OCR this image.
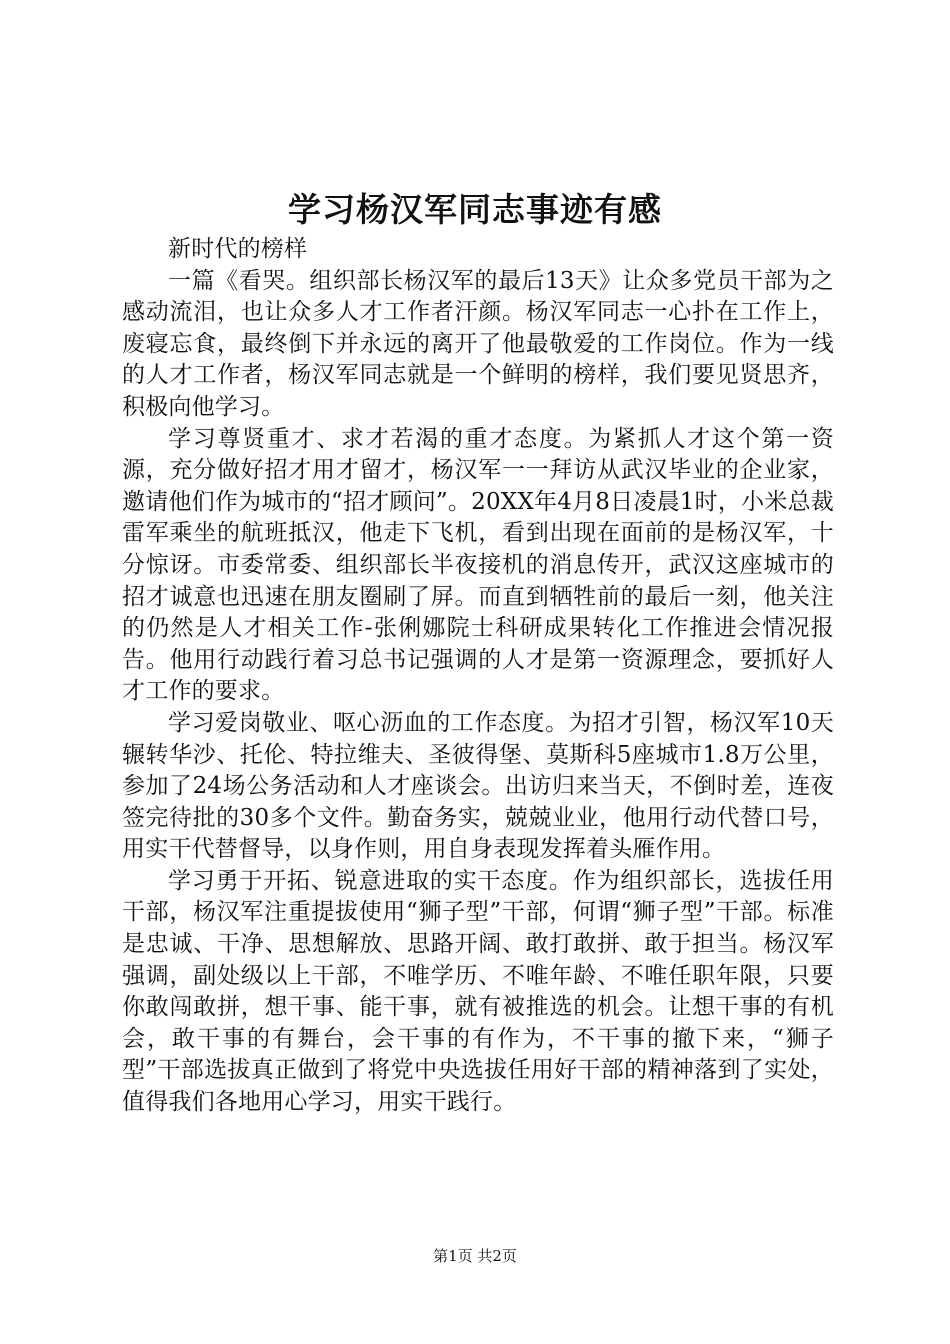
学习杨汉军同志事迹有感

新时代的榜样

一篇《看哭。组织部长杨汉军的最后13天》让众多党员干部为之感动流泪，也让众多人才工作者汗颜。杨汉军同志一心扑在工作上，废寝忘食，最终倒下并永远的离开了他最敬爱的工作岗位。作为一线的人才工作者，杨汉军同志就是一个鲜明的榜样，我们要见贤思齐，积极向他学习。

学习尊贤重才、求才若渴的重才态度。为紧抓人才这个第一资源，充分做好招才用才留才，杨汉军一一拜访从武汉毕业的企业家，邀请他们作为城市的“招才顾问”。20XX年4月8日凌晨1时，小米总裁雷军乘坐的航班抵汉，他走下飞机，看到出现在面前的是杨汉军，十分惊讶。市委常委、组织部长半夜接机的消息传开，武汉这座城市的招才诚意也迅速在朋友圈刷了屏。而直到牺牲前的最后一刻，他关注的仍然是人才相关工作-张俐娜院士科研成果转化工作推进会情况报告。他用行动践行着习总书记强调的人才是第一资源理念，要抓好人才工作的要求。

学习爱岗敬业、呕心沥血的工作态度。为招才引智，杨汉军10天辗转华沙、托伦、特拉维夫、圣彼得堡、莫斯科5座城市1.8万公里，参加了24场公务活动和人才座谈会。出访归来当天，不倒时差，连夜签完待批的30多个文件。勤奋务实，兢兢业业，他用行动代替口号，用实干代替督导，以身作则，用自身表现发挥着头雁作用。

学习勇于开拓、锐意进取的实干态度。作为组织部长，选拔任用干部，杨汉军注重提拔使用“狮子型”干部，何谓“狮子型”干部。标准是忠诚、干净、思想解放、思路开阔、敢打敢拼、敢于担当。杨汉军强调，副处级以上干部，不唯学历、不唯年龄、不唯任职年限，只要你敢闯敢拼，想干事、能干事，就有被推选的机会。让想干事的有机会，敢干事的有舞台，会干事的有作为，不干事的撤下来，“狮子型”干部选拔真正做到了将党中央选拔任用好干部的精神落到了实处，值得我们各地用心学习，用实干践行。

第1页 共2页
